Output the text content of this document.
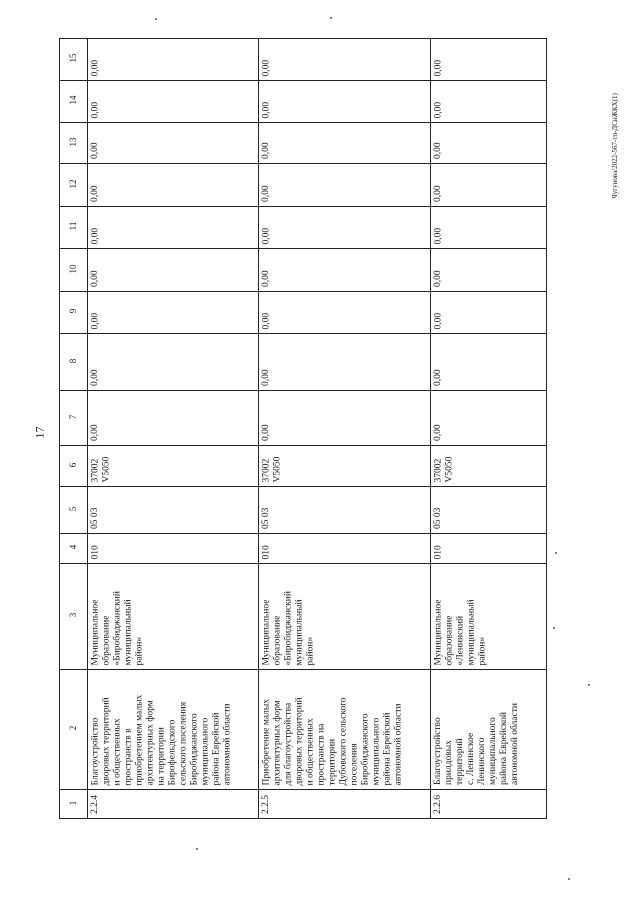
17
Чугунова/2022-567-тп-ДСиЖКХ(1)
1
2
3
4
5
6
7
8
9
10
11
12
13
14
15
2.2.4
Благоустройство
дворовых территорий
и общественных
пространств в
приобретением малых
архитектурных форм
на территории
Бирофельдского
сельского поселения
Биробиджанского
муниципального
района Еврейской
автономной области
Муниципальное
образование
«Биробиджанский
муниципальный
район»
010
05 03
37002
V5050
0,00
0,00
0,00
0,00
0,00
0,00
0,00
0,00
0,00
2.2.5
Приобретение малых
архитектурных форм
для благоустройства
дворовых территорий
и общественных
пространств на
территории
Дубовского сельского
поселения
Биробиджанского
муниципального
района Еврейской
автономной области
Муниципальное
образование
«Биробиджанский
муниципальный
район»
010
05 03
37002
V5050
0,00
0,00
0,00
0,00
0,00
0,00
0,00
0,00
0,00
2.2.6
Благоустройство
прилдовых
территорий
с. Ленинское
Ленинского
муниципального
района Еврейской
автономной области
Муниципальное
образование
«Ленинский
муниципальный
район»
010
05 03
37002
V5050
0,00
0,00
0,00
0,00
0,00
0,00
0,00
0,00
0,00
